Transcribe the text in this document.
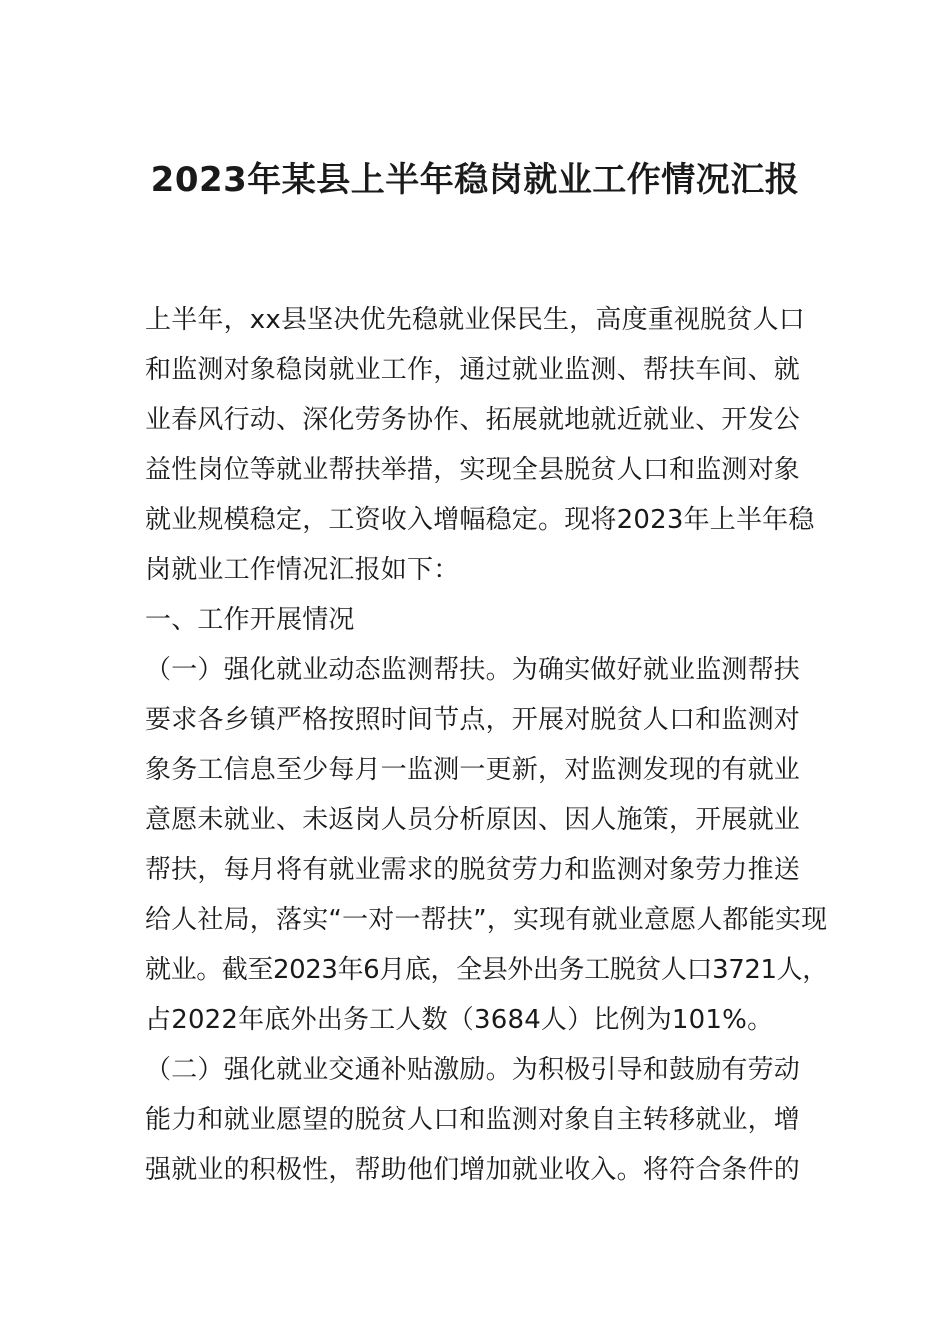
2023年某县上半年稳岗就业工作情况汇报
上半年，xx县坚决优先稳就业保民生，高度重视脱贫人口
和监测对象稳岗就业工作，通过就业监测、帮扶车间、就
业春风行动、深化劳务协作、拓展就地就近就业、开发公
益性岗位等就业帮扶举措，实现全县脱贫人口和监测对象
就业规模稳定，工资收入增幅稳定。现将2023年上半年稳
岗就业工作情况汇报如下：
一、工作开展情况
（一）强化就业动态监测帮扶。为确实做好就业监测帮扶
要求各乡镇严格按照时间节点，开展对脱贫人口和监测对
象务工信息至少每月一监测一更新，对监测发现的有就业
意愿未就业、未返岗人员分析原因、因人施策，开展就业
帮扶，每月将有就业需求的脱贫劳力和监测对象劳力推送
给人社局，落实“一对一帮扶”，实现有就业意愿人都能实现
就业。截至2023年6月底，全县外出务工脱贫人口3721人，
占2022年底外出务工人数（3684人）比例为101%。
（二）强化就业交通补贴激励。为积极引导和鼓励有劳动
能力和就业愿望的脱贫人口和监测对象自主转移就业，增
强就业的积极性，帮助他们增加就业收入。将符合条件的
